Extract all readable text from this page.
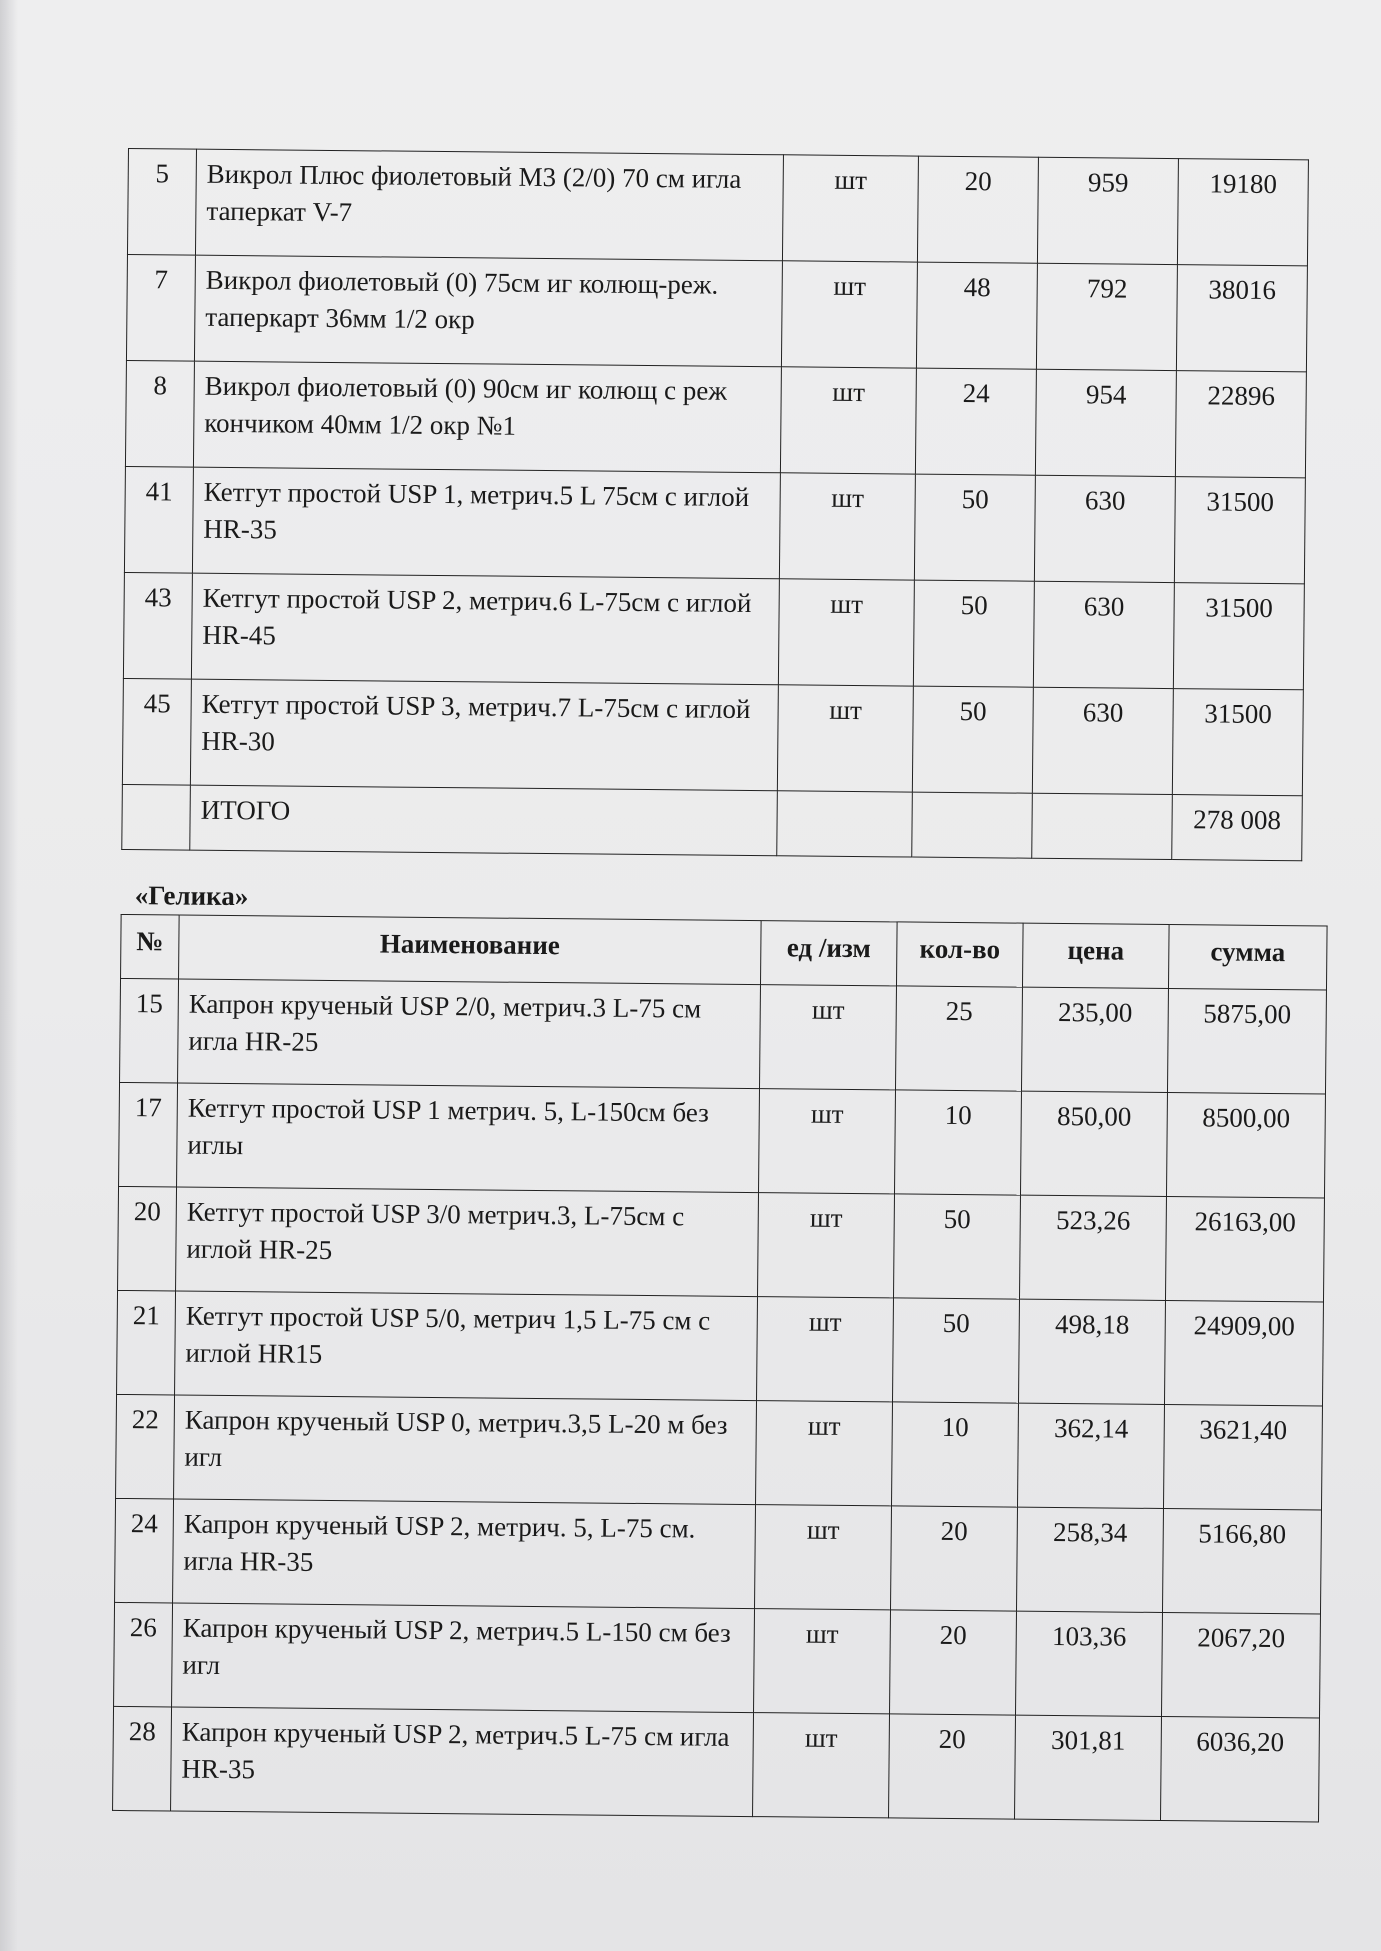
5	Викрол Плюс фиолетовый М3 (2/0) 70 см игла таперкат V-7	шт	20	959	19180
7	Викрол фиолетовый (0) 75см иг колющ-реж. таперкарт 36мм 1/2 окр	шт	48	792	38016
8	Викрол фиолетовый (0) 90см иг колющ с реж кончиком 40мм 1/2 окр №1	шт	24	954	22896
41	Кетгут простой USP 1, метрич.5 L 75см с иглой HR-35	шт	50	630	31500
43	Кетгут простой USP 2, метрич.6 L-75см с иглой HR-45	шт	50	630	31500
45	Кетгут простой USP 3, метрич.7 L-75см с иглой HR-30	шт	50	630	31500
	ИТОГО				278 008
«Гелика»
№	Наименование	ед /изм	кол-во	цена	сумма
15	Капрон крученый USP 2/0, метрич.3 L-75 см игла HR-25	шт	25	235,00	5875,00
17	Кетгут простой USP 1 метрич. 5, L-150см без иглы	шт	10	850,00	8500,00
20	Кетгут простой USP 3/0 метрич.3, L-75см с иглой HR-25	шт	50	523,26	26163,00
21	Кетгут простой USP 5/0, метрич 1,5 L-75 см с иглой HR15	шт	50	498,18	24909,00
22	Капрон крученый USP 0, метрич.3,5 L-20 м без игл	шт	10	362,14	3621,40
24	Капрон крученый USP 2, метрич. 5, L-75 см. игла HR-35	шт	20	258,34	5166,80
26	Капрон крученый USP 2, метрич.5 L-150 см без игл	шт	20	103,36	2067,20
28	Капрон крученый USP 2, метрич.5 L-75 см игла HR-35	шт	20	301,81	6036,20
